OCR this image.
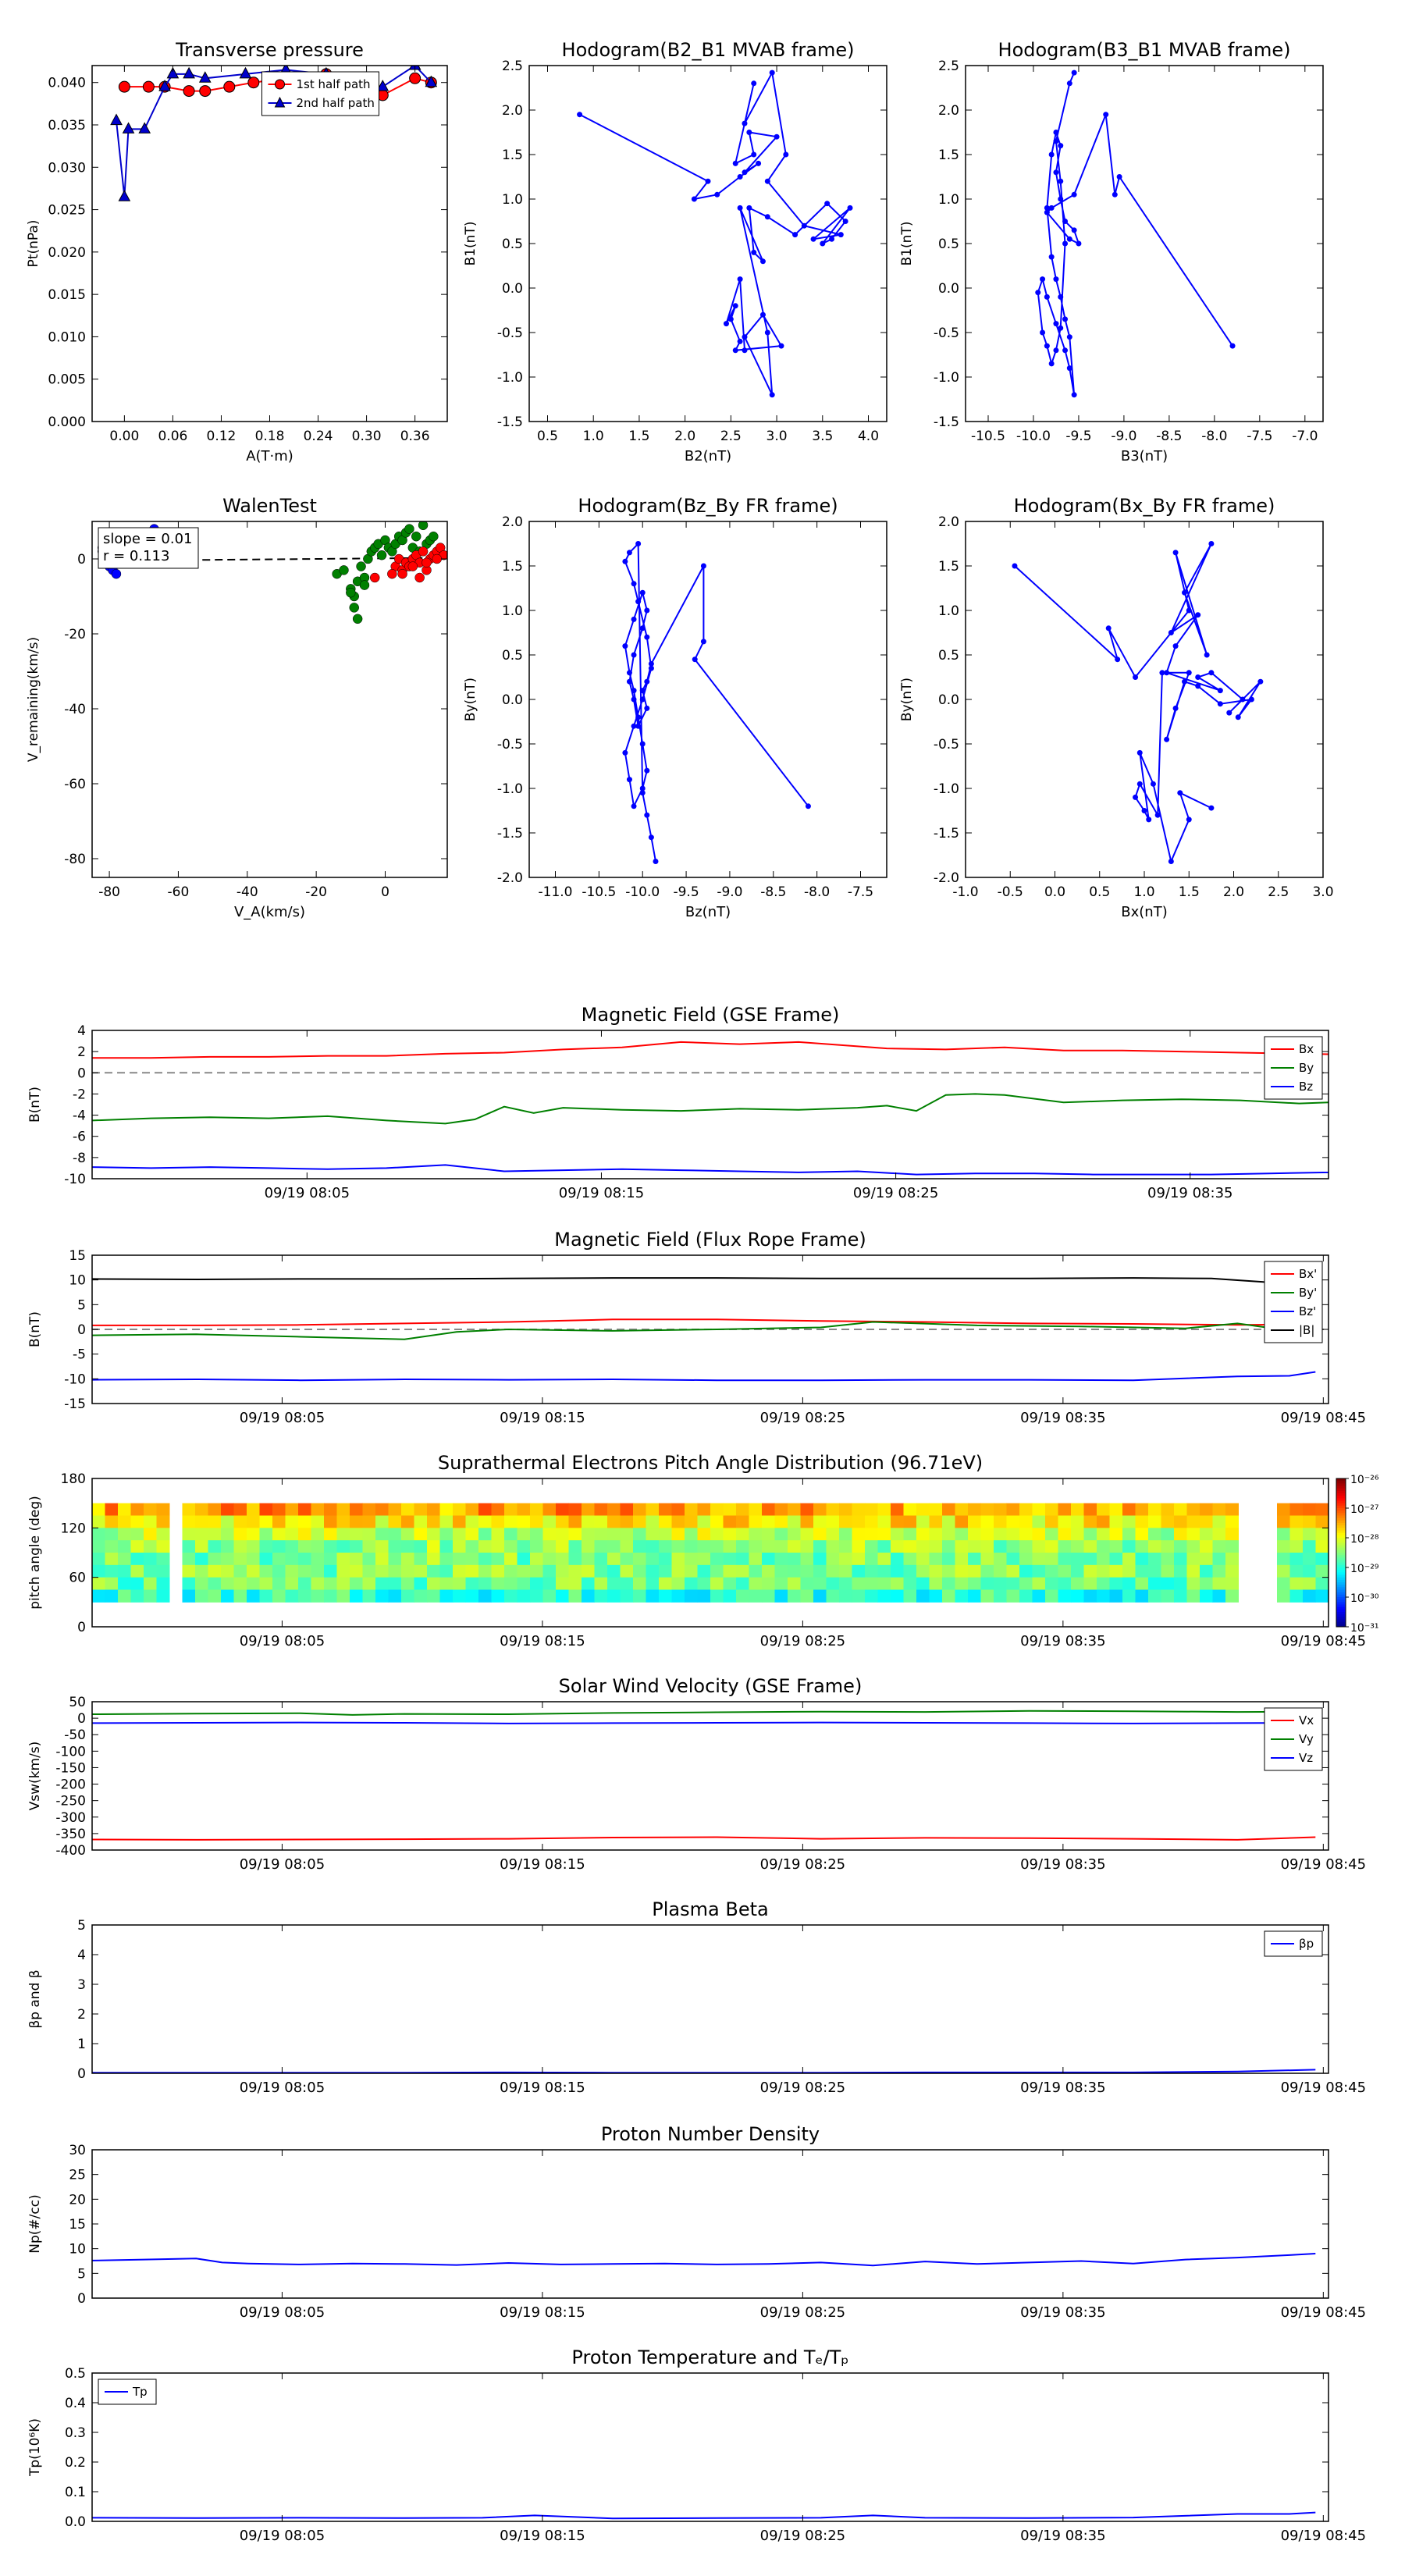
Transverse pressure
0.00 0.06 0.12 0.18 0.24 0.30 0.36
0.000
0.005
0.010
0.015
0.020
0.025
0.030
0.035
0.040
A(T·m)
Pt(nPa)
1st half path
2nd half path
Hodogram(B2_B1 MVAB frame)
0.5 1.0 1.5 2.0 2.5 3.0 3.5 4.0
-1.5
-1.0
-0.5
0.0
0.5
1.0
1.5
2.0
2.5
B2(nT)
B1(nT)
Hodogram(B3_B1 MVAB frame)
-10.5 -10.0 -9.5 -9.0 -8.5 -8.0 -7.5 -7.0
-1.5
-1.0
-0.5
0.0
0.5
1.0
1.5
2.0
2.5
B3(nT)
B1(nT)
WalenTest
-80	-60	-40	-20	0
-80
-60
-40
-20
0
V_A(km/s)
V_remaining(km/s)
slope = 0.01
r = 0.113
Hodogram(Bz_By FR frame)
-11.0 -10.5 -10.0 -9.5 -9.0 -8.5 -8.0 -7.5
-2.0
-1.5
-1.0
-0.5
0.0
0.5
1.0
1.5
2.0
Bz(nT)
By(nT)
Hodogram(Bx_By FR frame)
-1.0 -0.5 0.0 0.5 1.0 1.5 2.0 2.5 3.0
-2.0
-1.5
-1.0
-0.5
0.0
0.5
1.0
1.5
2.0
Bx(nT)
By(nT)
Magnetic Field (GSE Frame)
09/19 08:05	09/19 08:15	09/19 08:25	09/19 08:35
-10
-8
-6
-4
-2
0
2
4
B(nT)
Bx
By
Bz
Magnetic Field (Flux Rope Frame)
09/19 08:05	09/19 08:15	09/19 08:25	09/19 08:35	09/19 08:45
-15
-10
-5
0
5
10
15
B(nT)
Bx'
By'
Bz'
|B|
Suprathermal Electrons Pitch Angle Distribution (96.71eV)
10⁻²⁶
10⁻²⁷
10⁻²⁸
10⁻²⁹
10⁻³⁰
10⁻³¹
09/19 08:05	09/19 08:15	09/19 08:25	09/19 08:35	09/19 08:45
0
60
120
180
pitch angle (deg)
Solar Wind Velocity (GSE Frame)
09/19 08:05	09/19 08:15	09/19 08:25	09/19 08:35	09/19 08:45
50
0
-50
-100
-150
-200
-250
-300
-350
-400
Vsw(km/s)
Vx
Vy
Vz
Plasma Beta
09/19 08:05	09/19 08:15	09/19 08:25	09/19 08:35	09/19 08:45
0
1
2
3
4
5
βp and β
βp
Proton Number Density
09/19 08:05	09/19 08:15	09/19 08:25	09/19 08:35	09/19 08:45
0
5
10
15
20
25
30
Np(#/cc)
Proton Temperature and Tₑ/Tₚ
09/19 08:05	09/19 08:15	09/19 08:25	09/19 08:35	09/19 08:45
0.0
0.1
0.2
0.3
0.4
0.5
Tp(10⁶K)
Tp
